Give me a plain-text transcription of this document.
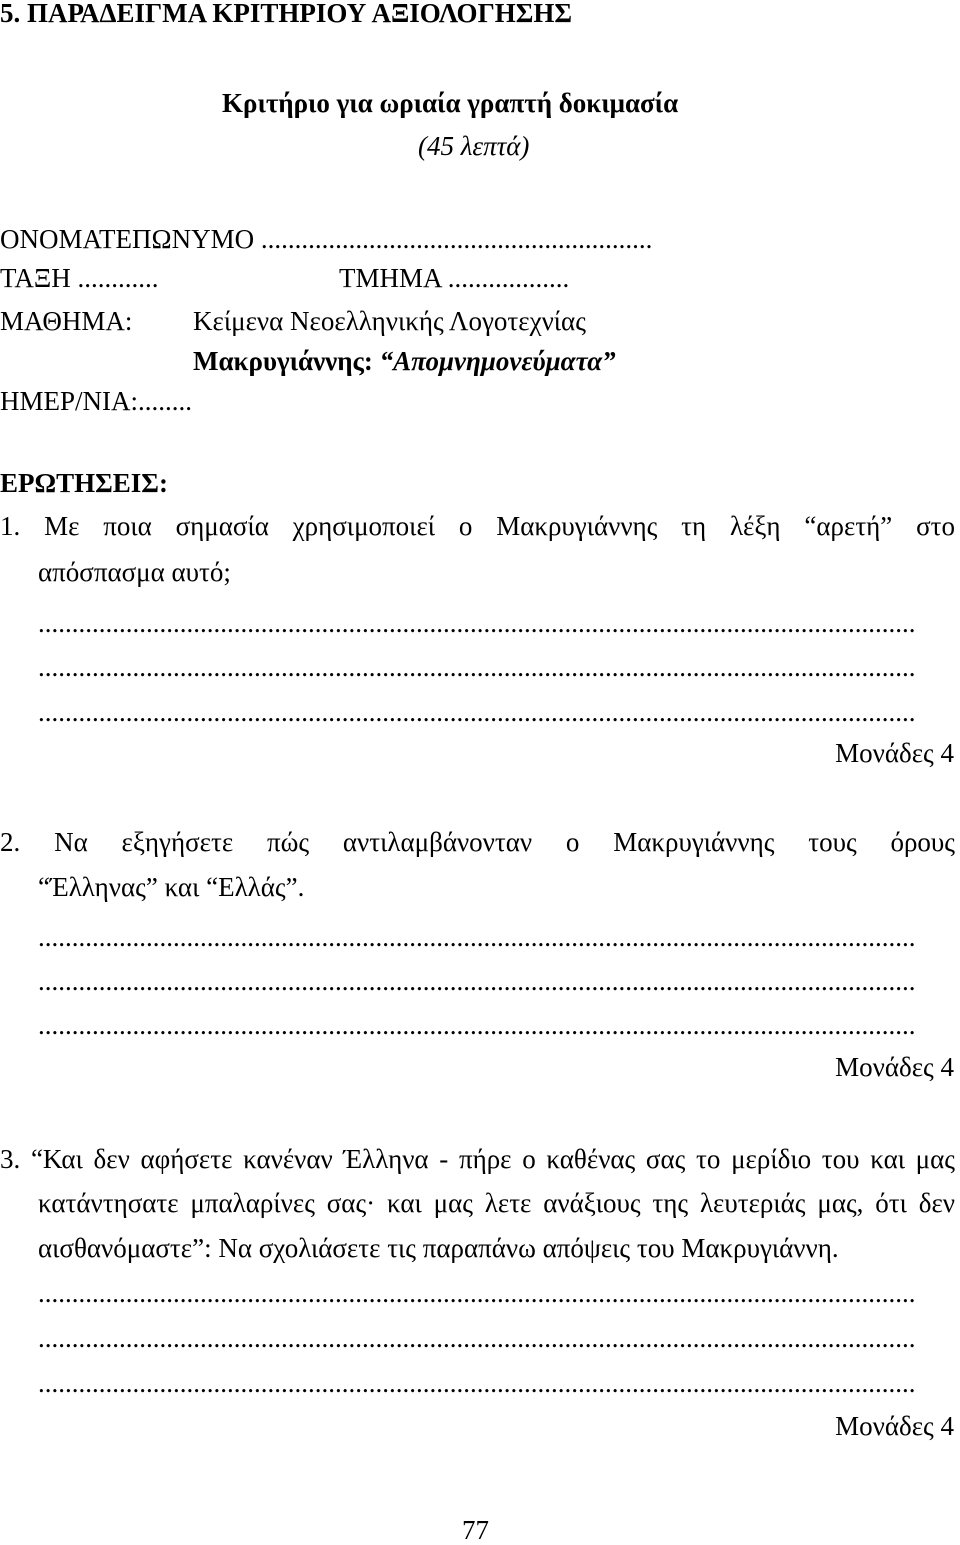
5. ΠΑΡΑΔΕΙΓΜΑ ΚΡΙΤΗΡΙΟΥ ΑΞΙΟΛΟΓΗΣΗΣ
Κριτήριο για ωριαία γραπτή δοκιμασία
(45 λεπτά)
ΟΝΟΜΑΤΕΠΩΝΥΜΟ ..........................................................
ΤΑΞΗ ............	ΤΜΗΜΑ ..................
ΜΑΘΗΜΑ: Κείμενα Νεοελληνικής Λογοτεχνίας
Μακρυγιάννης: “Απομνημονεύματα”
ΗΜΕΡ/ΝΙΑ:........
ΕΡΩΤΗΣΕΙΣ:
1. Με ποια σημασία χρησιμοποιεί ο Μακρυγιάννης τη λέξη “αρετή” στο
απόσπασμα αυτό;
..................................................................................................................................
..................................................................................................................................
..................................................................................................................................
Μονάδες 4
2. Να εξηγήσετε πώς αντιλαμβάνονταν ο Μακρυγιάννης τους όρους
“Έλληνας” και “Ελλάς”.
..................................................................................................................................
..................................................................................................................................
..................................................................................................................................
Μονάδες 4
3. “Και δεν αφήσετε κανέναν Έλληνα - πήρε ο καθένας σας το μερίδιο του και μας
κατάντησατε μπαλαρίνες σας· και μας λετε ανάξιους της λευτεριάς μας, ότι δεν
αισθανόμαστε”: Να σχολιάσετε τις παραπάνω απόψεις του Μακρυγιάννη.
..................................................................................................................................
..................................................................................................................................
..................................................................................................................................
Μονάδες 4
77
